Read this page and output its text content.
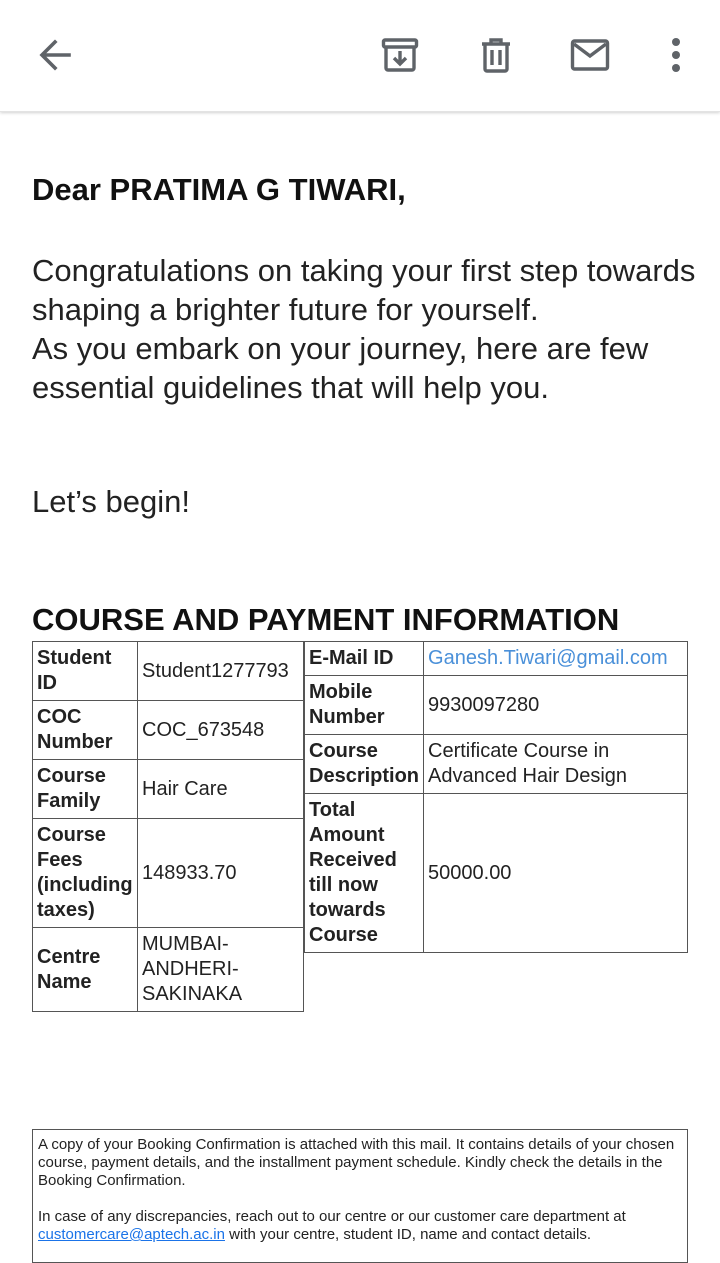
Dear PRATIMA G TIWARI,

Congratulations on taking your first step towards shaping a brighter future for yourself.

As you embark on your journey, here are few essential guidelines that will help you.

Let’s begin!
COURSE AND PAYMENT INFORMATION
Student ID	Student1277793
COC Number	COC_673548
Course Family	Hair Care
Course Fees (including taxes)	148933.70
Centre Name	MUMBAI-ANDHERI-SAKINAKA
E-Mail ID	Ganesh.Tiwari@gmail.com
Mobile Number	9930097280
Course Description	Certificate Course in Advanced Hair Design
Total Amount Received till now towards Course	50000.00

A copy of your Booking Confirmation is attached with this mail. It contains details of your chosen course, payment details, and the installment payment schedule. Kindly check the details in the Booking Confirmation.

In case of any discrepancies, reach out to our centre or our customer care department at customercare@aptech.ac.in with your centre, student ID, name and contact details.
